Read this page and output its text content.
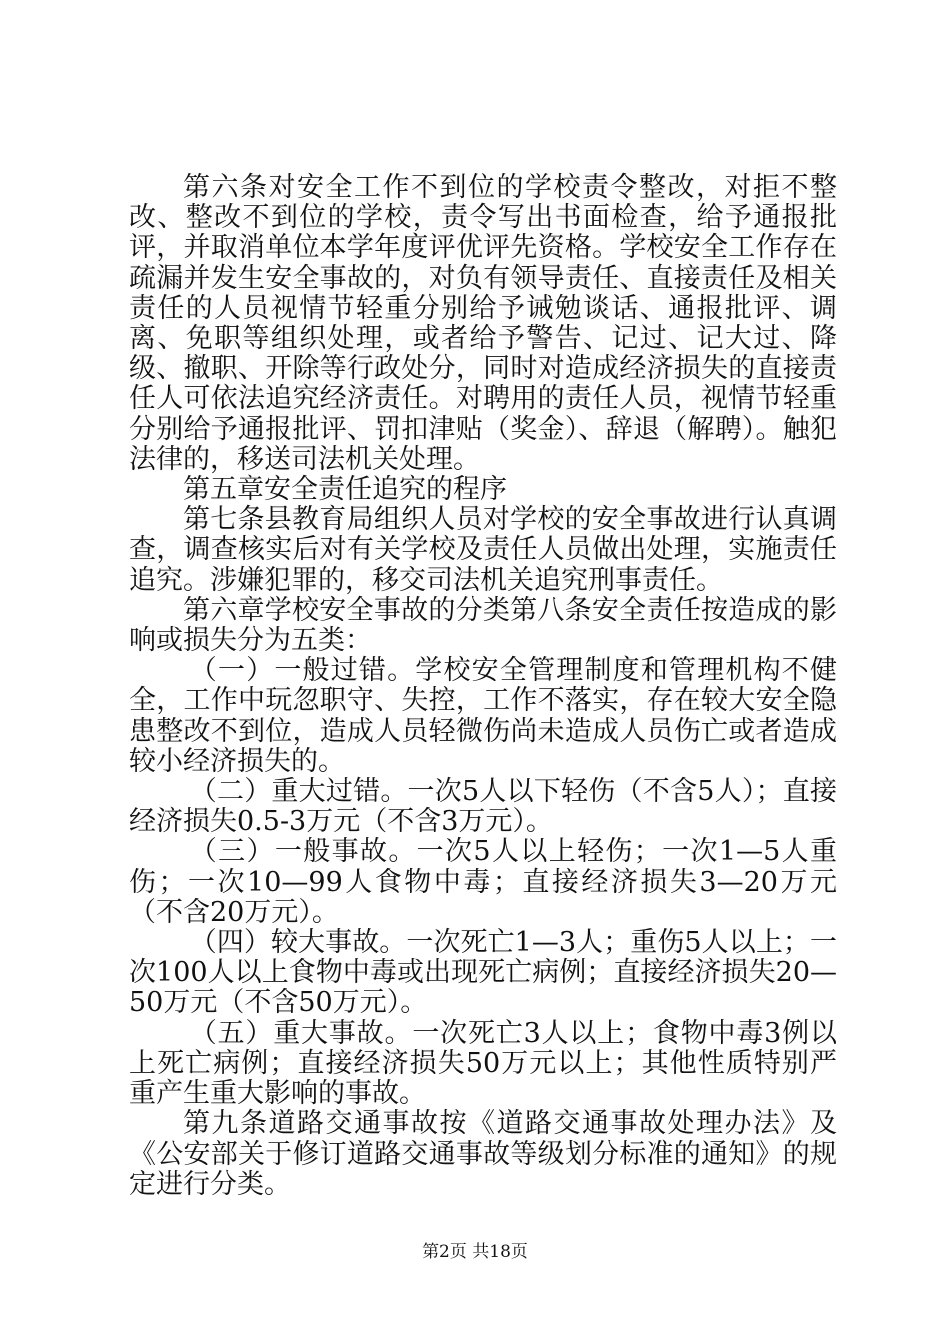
第六条对安全工作不到位的学校责令整改，对拒不整改、整改不到位的学校，责令写出书面检查，给予通报批评，并取消单位本学年度评优评先资格。学校安全工作存在疏漏并发生安全事故的，对负有领导责任、直接责任及相关责任的人员视情节轻重分别给予诫勉谈话、通报批评、调离、免职等组织处理，或者给予警告、记过、记大过、降级、撤职、开除等行政处分，同时对造成经济损失的直接责任人可依法追究经济责任。对聘用的责任人员，视情节轻重分别给予通报批评、罚扣津贴（奖金）、辞退（解聘）。触犯法律的，移送司法机关处理。

第五章安全责任追究的程序

第七条县教育局组织人员对学校的安全事故进行认真调查，调查核实后对有关学校及责任人员做出处理，实施责任追究。涉嫌犯罪的，移交司法机关追究刑事责任。

第六章学校安全事故的分类第八条安全责任按造成的影响或损失分为五类：

（一）一般过错。学校安全管理制度和管理机构不健全，工作中玩忽职守、失控，工作不落实，存在较大安全隐患整改不到位，造成人员轻微伤尚未造成人员伤亡或者造成较小经济损失的。

（二）重大过错。一次5人以下轻伤（不含5人）；直接经济损失0.5-3万元（不含3万元）。

（三）一般事故。一次5人以上轻伤；一次1—5人重伤；一次10—99人食物中毒；直接经济损失3—20万元（不含20万元）。

（四）较大事故。一次死亡1—3人；重伤5人以上；一次100人以上食物中毒或出现死亡病例；直接经济损失20—50万元（不含50万元）。

（五）重大事故。一次死亡3人以上；食物中毒3例以上死亡病例；直接经济损失50万元以上；其他性质特别严重产生重大影响的事故。

第九条道路交通事故按《道路交通事故处理办法》及《公安部关于修订道路交通事故等级划分标准的通知》的规定进行分类。

第2页 共18页
